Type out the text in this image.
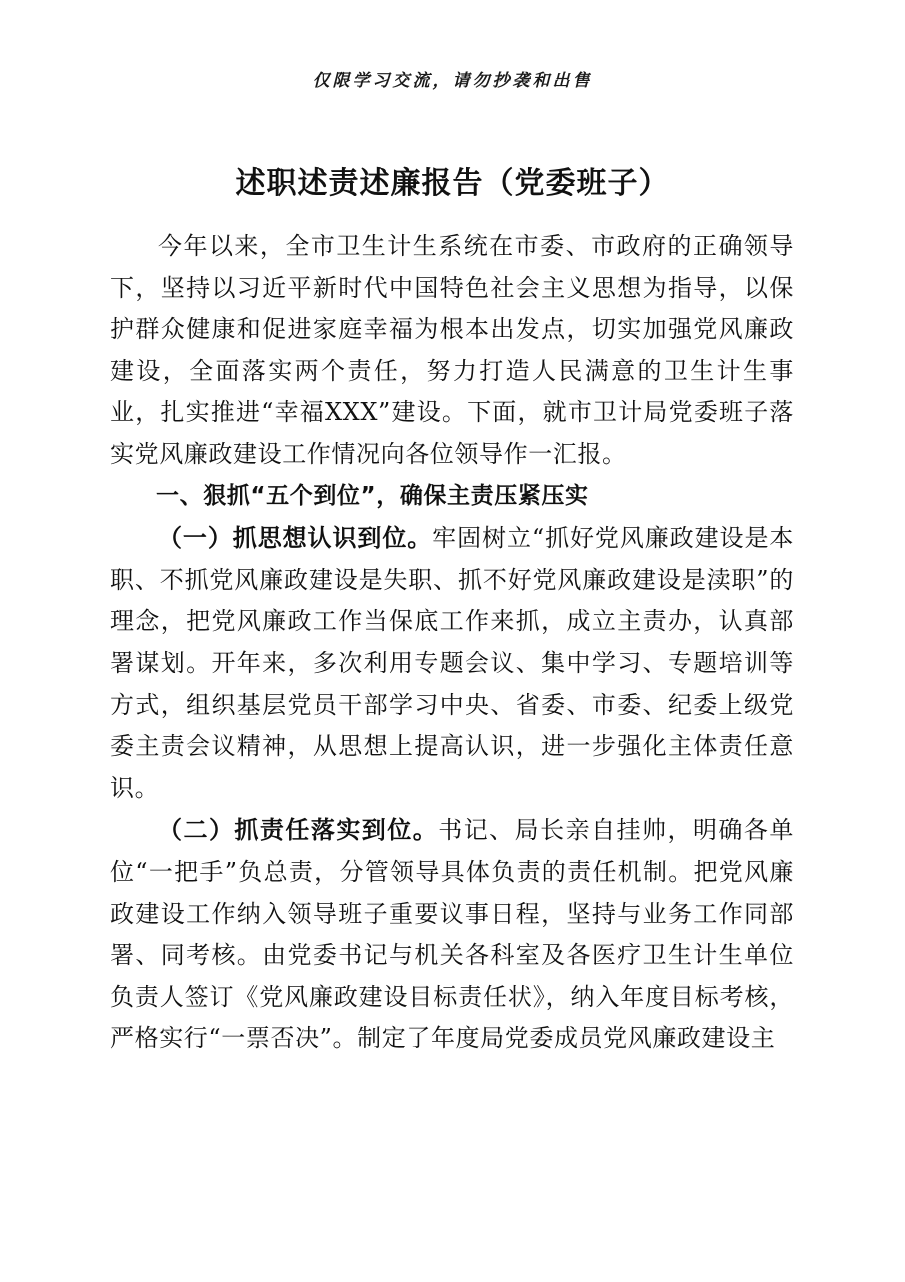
仅限学习交流，请勿抄袭和出售
述职述责述廉报告（党委班子）

今年以来，全市卫生计生系统在市委、市政府的正确领导下，坚持以习近平新时代中国特色社会主义思想为指导，以保护群众健康和促进家庭幸福为根本出发点，切实加强党风廉政建设，全面落实两个责任，努力打造人民满意的卫生计生事业，扎实推进“幸福XXX”建设。下面，就市卫计局党委班子落实党风廉政建设工作情况向各位领导作一汇报。

一、狠抓“五个到位”，确保主责压紧压实

（一）抓思想认识到位。牢固树立“抓好党风廉政建设是本职、不抓党风廉政建设是失职、抓不好党风廉政建设是渎职”的理念，把党风廉政工作当保底工作来抓，成立主责办，认真部署谋划。开年来，多次利用专题会议、集中学习、专题培训等方式，组织基层党员干部学习中央、省委、市委、纪委上级党委主责会议精神，从思想上提高认识，进一步强化主体责任意识。

（二）抓责任落实到位。书记、局长亲自挂帅，明确各单位“一把手”负总责，分管领导具体负责的责任机制。把党风廉政建设工作纳入领导班子重要议事日程，坚持与业务工作同部署、同考核。由党委书记与机关各科室及各医疗卫生计生单位负责人签订《党风廉政建设目标责任状》，纳入年度目标考核，严格实行“一票否决”。制定了年度局党委成员党风廉政建设主
